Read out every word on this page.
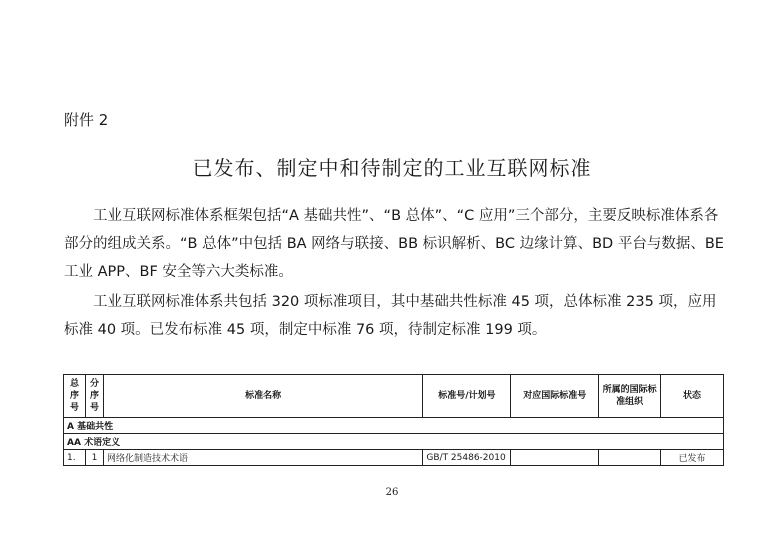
附件 2
已发布、制定中和待制定的工业互联网标准

工业互联网标准体系框架包括“A 基础共性”、“B 总体”、“C 应用”三个部分，主要反映标准体系各部分的组成关系。“B 总体”中包括 BA 网络与联接、BB 标识解析、BC 边缘计算、BD 平台与数据、BE 工业 APP、BF 安全等六大类标准。

工业互联网标准体系共包括 320 项标准项目，其中基础共性标准 45 项，总体标准 235 项，应用标准 40 项。已发布标准 45 项，制定中标准 76 项，待制定标准 199 项。

总序号	分序号	标准名称	标准号/计划号	对应国际标准号	所属的国际标准组织	状态
A 基础共性						
AA 术语定义						
1.	1	网络化制造技术术语	GB/T 25486-2010			已发布
26
